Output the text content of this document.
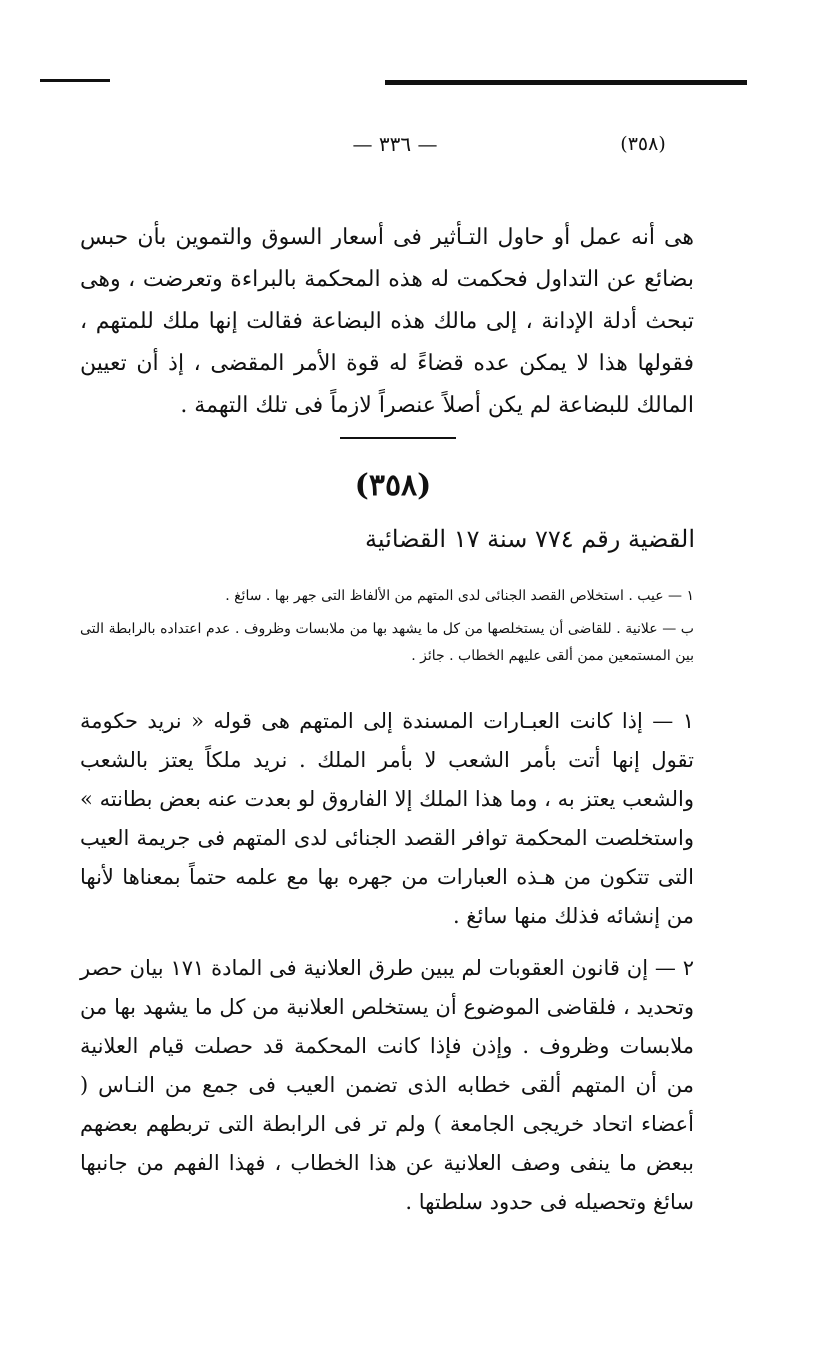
— ٣٣٦ —	(٣٥٨)

هى أنه عمل أو حاول التـأثير فى أسعار السوق والتموين بأن حبس بضائع عن التداول فحكمت له هذه المحكمة بالبراءة وتعرضت ، وهى تبحث أدلة الإدانة ، إلى مالك هذه البضاعة فقالت إنها ملك للمتهم ، فقولها هذا لا يمكن عده قضاءً له قوة الأمر المقضى ، إذ أن تعيين المالك للبضاعة لم يكن أصلاً عنصراً لازماً فى تلك التهمة .

(٣٥٨)
القضية رقم ٧٧٤ سنة ١٧ القضائية

١ — عيب . استخلاص القصد الجنائى لدى المتهم من الألفاظ التى جهر بها . سائغ .

ب — علانية . للقاضى أن يستخلصها من كل ما يشهد بها من ملابسات وظروف . عدم اعتداده بالرابطة التى بين المستمعين ممن ألقى عليهم الخطاب . جائز .

١ — إذا كانت العبـارات المسندة إلى المتهم هى قوله « نريد حكومة تقول إنها أتت بأمر الشعب لا بأمر الملك . نريد ملكاً يعتز بالشعب والشعب يعتز به ، وما هذا الملك إلا الفاروق لو بعدت عنه بعض بطانته » واستخلصت المحكمة توافر القصد الجنائى لدى المتهم فى جريمة العيب التى تتكون من هـذه العبارات من جهره بها مع علمه حتماً بمعناها لأنها من إنشائه فذلك منها سائغ .

٢ — إن قانون العقوبات لم يبين طرق العلانية فى المادة ١٧١ بيان حصر وتحديد ، فلقاضى الموضوع أن يستخلص العلانية من كل ما يشهد بها من ملابسات وظروف . وإذن فإذا كانت المحكمة قد حصلت قيام العلانية من أن المتهم ألقى خطابه الذى تضمن العيب فى جمع من النـاس ( أعضاء اتحاد خريجى الجامعة ) ولم تر فى الرابطة التى تربطهم بعضهم ببعض ما ينفى وصف العلانية عن هذا الخطاب ، فهذا الفهم من جانبها سائغ وتحصيله فى حدود سلطتها .
